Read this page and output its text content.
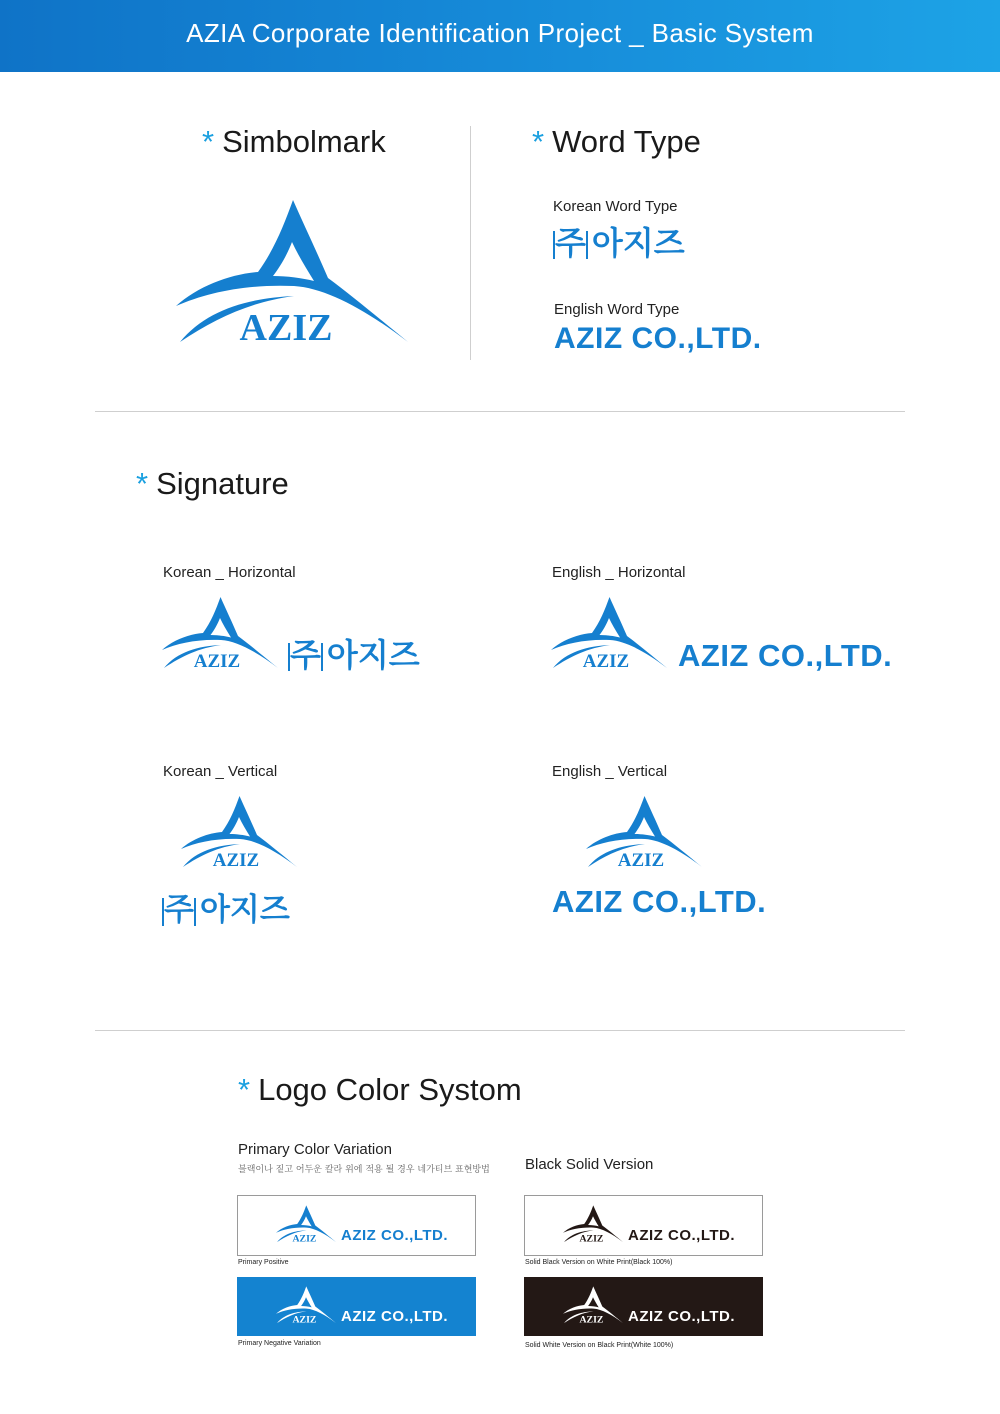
AZIA Corporate Identification Project _ Basic System
* Simbolmark
AZIZ
* Word Type
Korean Word Type
주 아지즈
English Word Type
AZIZ CO.,LTD.
* Signature
Korean _ Horizontal
AZIZ 주 아지즈
English _ Horizontal
AZIZ AZIZ CO.,LTD.
Korean _ Vertical
AZIZ
주 아지즈
English _ Vertical
AZIZ
AZIZ CO.,LTD.
* Logo Color Systom
Primary Color Variation
블랙이나 짙고 어두운 칼라 위에 적용 될 경우 네가티브 표현방법 Black Solid Version
AZIZ AZIZ CO.,LTD.
Primary Positive
AZIZ AZIZ CO.,LTD.
Primary Negative Variation
AZIZ AZIZ CO.,LTD.
Solid Black Version on White Print(Black 100%)
AZIZ AZIZ CO.,LTD.
Solid White Version on Black Print(White 100%)
